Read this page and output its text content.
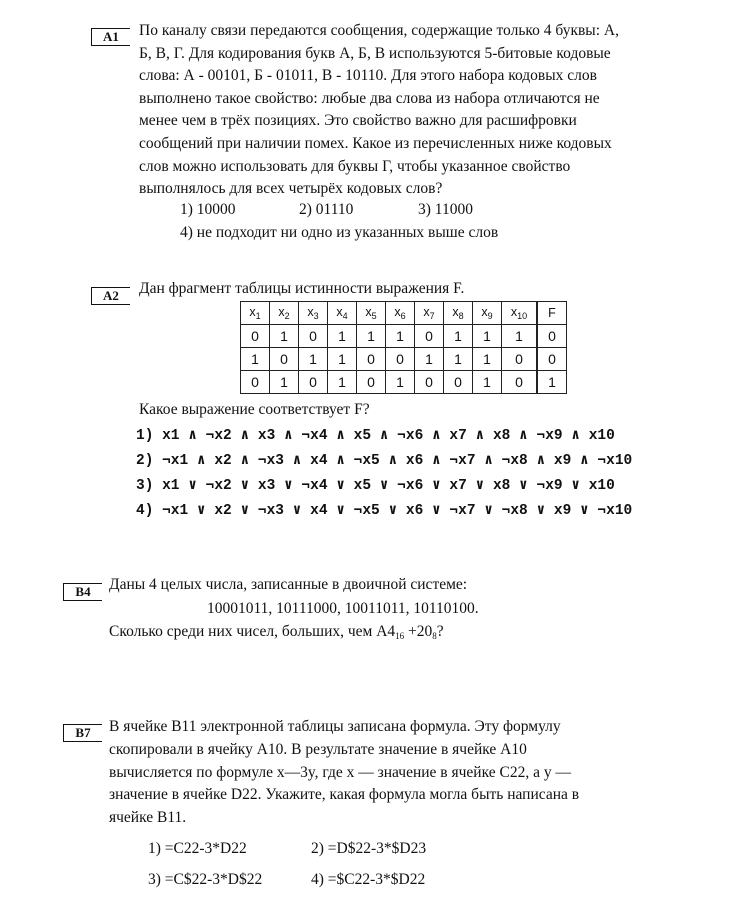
A1	По каналу связи передаются сообщения, содержащие только 4 буквы: А,
Б, В, Г. Для кодирования букв А, Б, В используются 5-битовые кодовые
слова: А - 00101, Б - 01011, В - 10110. Для этого набора кодовых слов
выполнено такое свойство: любые два слова из набора отличаются не
менее чем в трёх позициях. Это свойство важно для расшифровки
сообщений при наличии помех. Какое из перечисленных ниже кодовых
слов можно использовать для буквы Г, чтобы указанное свойство
выполнялось для всех четырёх кодовых слов?
1) 10000	2) 01110	3) 11000
4) не подходит ни одно из указанных выше слов
A2	Дан фрагмент таблицы истинности выражения F.
$x_1$	$x_2$	$x_3$	$x_4$	$x_5$	$x_6$	$x_7$	$x_8$	$x_9$	$x_{10}$	F
0	1	0	1	1	1	0	1	1	1	0
1	0	1	1	0	0	1	1	1	0	0
0	1	0	1	0	1	0	0	1	0	1
Какое выражение соответствует F?
1) x1 ∧ ¬x2 ∧ x3 ∧ ¬x4 ∧ x5 ∧ ¬x6 ∧ x7 ∧ x8 ∧ ¬x9 ∧ x10
2) ¬x1 ∧ x2 ∧ ¬x3 ∧ x4 ∧ ¬x5 ∧ x6 ∧ ¬x7 ∧ ¬x8 ∧ x9 ∧ ¬x10
3) x1 ∨ ¬x2 ∨ x3 ∨ ¬x4 ∨ x5 ∨ ¬x6 ∨ x7 ∨ x8 ∨ ¬x9 ∨ x10
4) ¬x1 ∨ x2 ∨ ¬x3 ∨ x4 ∨ ¬x5 ∨ x6 ∨ ¬x7 ∨ ¬x8 ∨ x9 ∨ ¬x10
B4	Даны 4 целых числа, записанные в двоичной системе:
10001011, 10111000, 10011011, 10110100.
Сколько среди них чисел, больших, чем $A4_{16} +20_8$?
B7	В ячейке B11 электронной таблицы записана формула. Эту формулу
скопировали в ячейку A10. В результате значение в ячейке A10
вычисляется по формуле x—3y, где x — значение в ячейке C22, а y —
значение в ячейке D22. Укажите, какая формула могла быть написана в
ячейке B11.
1) =C22-3*D22	2) =D$22-3*$D23
3) =C$22-3*D$22	4) =$C22-3*$D22
